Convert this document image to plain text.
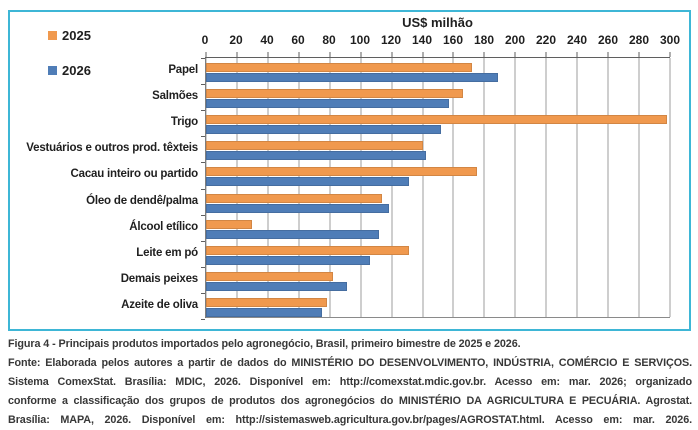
2025
2026
US$ milhão
0 20 40 60 80 100 120 140 160 180 200 220 240 260 280 300
Papel
Salmões
Trigo
Vestuários e outros prod. têxteis
Cacau inteiro ou partido
Óleo de dendê/palma
Álcool etílico
Leite em pó
Demais peixes
Azeite de oliva
Figura 4 - Principais produtos importados pelo agronegócio, Brasil, primeiro bimestre de 2025 e 2026.
Fonte: Elaborada pelos autores a partir de dados do MINISTÉRIO DO DESENVOLVIMENTO, INDÚSTRIA, COMÉRCIO E SERVIÇOS.
Sistema ComexStat. Brasília: MDIC, 2026. Disponível em: http://comexstat.mdic.gov.br. Acesso em: mar. 2026; organizado
conforme a classificação dos grupos de produtos dos agronegócios do MINISTÉRIO DA AGRICULTURA E PECUÁRIA. Agrostat.
Brasília: MAPA, 2026. Disponível em: http://sistemasweb.agricultura.gov.br/pages/AGROSTAT.html. Acesso em: mar. 2026.
